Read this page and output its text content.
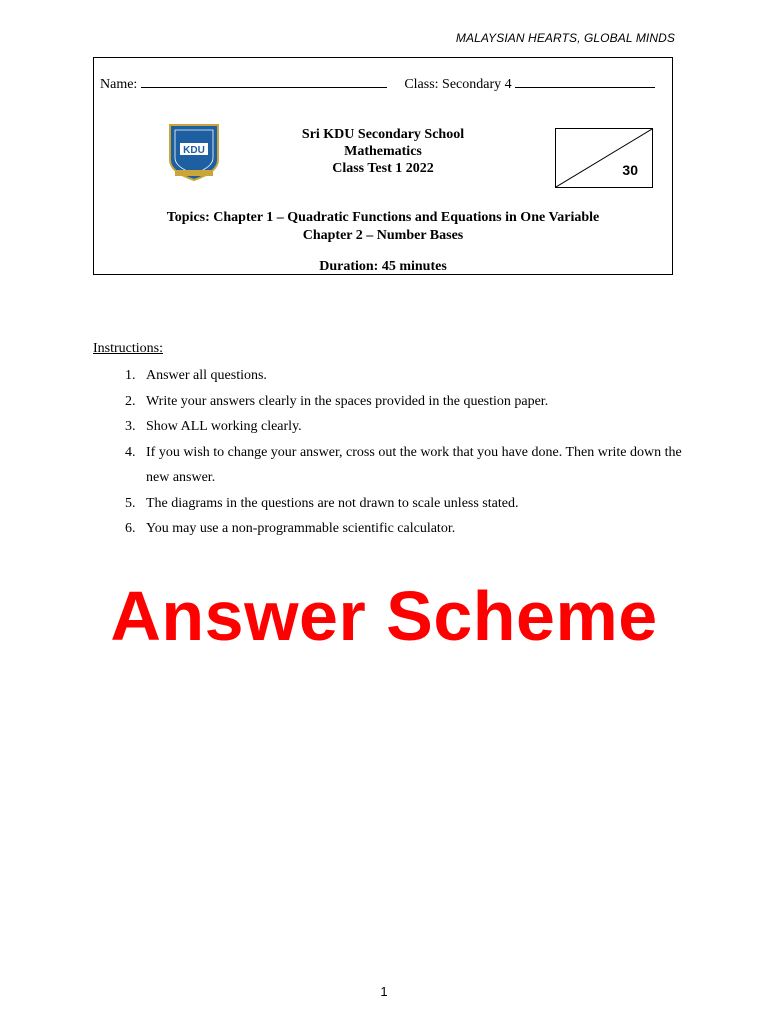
MALAYSIAN HEARTS, GLOBAL MINDS
Name:	Class: Secondary 4
KDU
Sri KDU Secondary School
Mathematics
Class Test 1 2022	30
Topics: Chapter 1 – Quadratic Functions and Equations in One Variable
Chapter 2 – Number Bases
Duration: 45 minutes
Instructions:
1. Answer all questions.
2. Write your answers clearly in the spaces provided in the question paper.
3. Show ALL working clearly.
4. If you wish to change your answer, cross out the work that you have done. Then write down the new answer.
5. The diagrams in the questions are not drawn to scale unless stated.
6. You may use a non-programmable scientific calculator.
Answer Scheme
1
